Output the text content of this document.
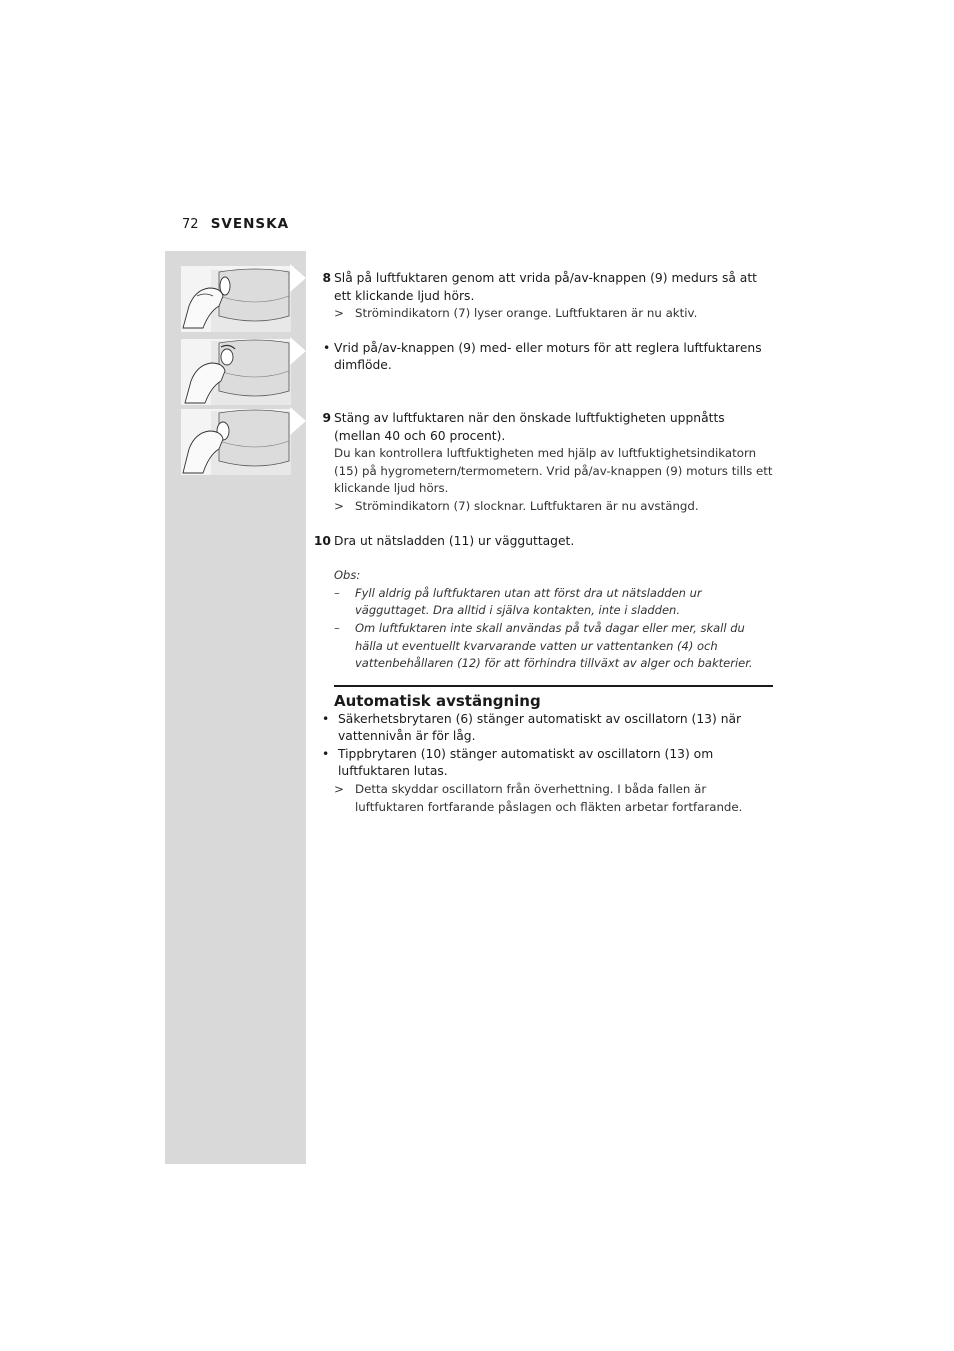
72 SVENSKA
8 Slå på luftfuktaren genom att vrida på/av-knappen (9) medurs så att ett klickande ljud hörs.
> Strömindikatorn (7) lyser orange. Luftfuktaren är nu aktiv.
• Vrid på/av-knappen (9) med- eller moturs för att reglera luftfuktarens dimflöde.
9 Stäng av luftfuktaren när den önskade luftfuktigheten uppnåtts (mellan 40 och 60 procent).
Du kan kontrollera luftfuktigheten med hjälp av luftfuktighetsindikatorn (15) på hygrometern/termometern. Vrid på/av-knappen (9) moturs tills ett klickande ljud hörs.
> Strömindikatorn (7) slocknar. Luftfuktaren är nu avstängd.
10 Dra ut nätsladden (11) ur vägguttaget.
Obs:
– Fyll aldrig på luftfuktaren utan att först dra ut nätsladden ur vägguttaget. Dra alltid i själva kontakten, inte i sladden.
– Om luftfuktaren inte skall användas på två dagar eller mer, skall du hälla ut eventuellt kvarvarande vatten ur vattentanken (4) och vattenbehållaren (12) för att förhindra tillväxt av alger och bakterier.
Automatisk avstängning
• Säkerhetsbrytaren (6) stänger automatiskt av oscillatorn (13) när vattennivån är för låg.
• Tippbrytaren (10) stänger automatiskt av oscillatorn (13) om luftfuktaren lutas.
> Detta skyddar oscillatorn från överhettning. I båda fallen är luftfuktaren fortfarande påslagen och fläkten arbetar fortfarande.
